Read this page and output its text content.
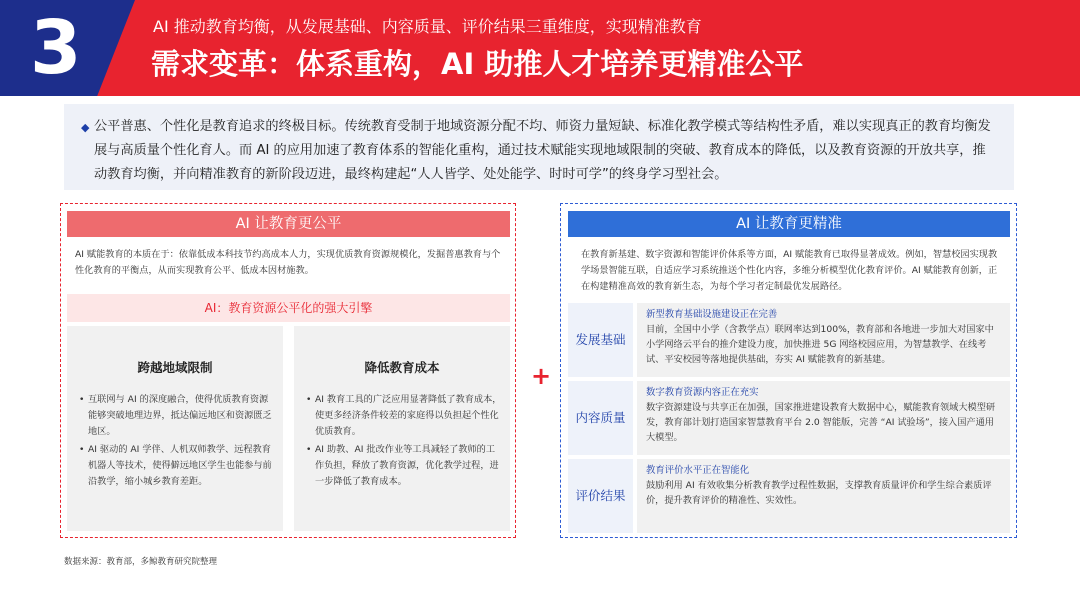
3	AI 推动教育均衡，从发展基础、内容质量、评价结果三重维度，实现精准教育
需求变革：体系重构，AI 助推人才培养更精准公平
◆ 公平普惠、个性化是教育追求的终极目标。传统教育受制于地域资源分配不均、师资力量短缺、标准化教学模式等结构性矛盾，难以实现真正的教育均衡发展与高质量个性化育人。而 AI 的应用加速了教育体系的智能化重构，通过技术赋能实现地域限制的突破、教育成本的降低，以及教育资源的开放共享，推动教育均衡，并向精准教育的新阶段迈进，最终构建起“人人皆学、处处能学、时时可学”的终身学习型社会。

AI 让教育更公平

AI 赋能教育的本质在于：依靠低成本科技节约高成本人力，实现优质教育资源规模化，发掘普惠教育与个性化教育的平衡点，从而实现教育公平、低成本因材施教。

AI：教育资源公平化的强大引擎
跨越地域限制
• 互联网与 AI 的深度融合，使得优质教育资源能够突破地理边界，抵达偏远地区和资源匮乏地区。
• AI 驱动的 AI 学伴、人机双师教学、远程教育机器人等技术，使得僻远地区学生也能参与前沿教学，缩小城乡教育差距。
降低教育成本
• AI 教育工具的广泛应用显著降低了教育成本，使更多经济条件较差的家庭得以负担起个性化优质教育。
• AI 助教、AI 批改作业等工具减轻了教师的工作负担，释放了教育资源，优化教学过程，进一步降低了教育成本。
+
AI 让教育更精准

在教育新基建、数字资源和智能评价体系等方面，AI 赋能教育已取得显著成效。例如，智慧校园实现教学场景智能互联，自适应学习系统推送个性化内容，多维分析模型优化教育评价。AI 赋能教育创新，正在构建精准高效的教育新生态，为每个学习者定制最优发展路径。

发展基础
新型教育基础设施建设正在完善
目前，全国中小学（含教学点）联网率达到100%，教育部和各地进一步加大对国家中小学网络云平台的推介建设力度，加快推进 5G 网络校园应用，为智慧教学、在线考试、平安校园等落地提供基础，夯实 AI 赋能教育的新基建。
内容质量
数字教育资源内容正在充实
数字资源建设与共享正在加强，国家推进建设教育大数据中心，赋能教育领域大模型研发，教育部计划打造国家智慧教育平台 2.0 智能版，完善 “AI 试验场”，接入国产通用大模型。
评价结果
教育评价水平正在智能化
鼓励利用 AI 有效收集分析教育教学过程性数据，支撑教育质量评价和学生综合素质评价，提升教育评价的精准性、实效性。
数据来源：教育部，多鲸教育研究院整理
